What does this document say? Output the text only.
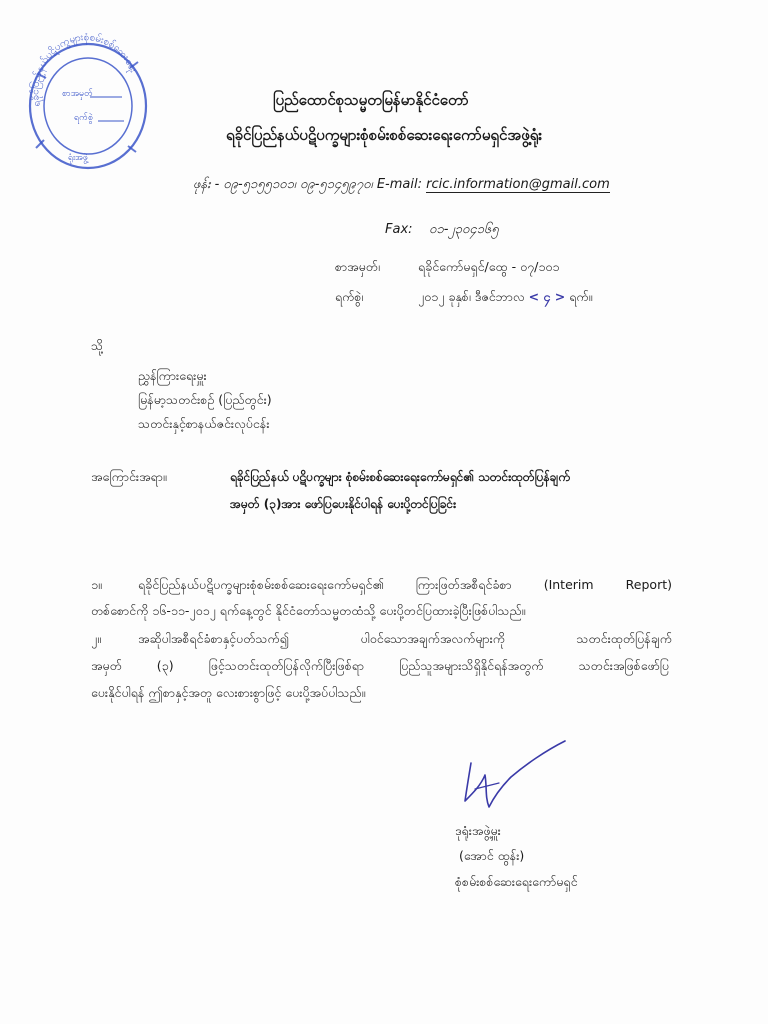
ရခိုင်ပြည်နယ်ပဋိပက္ခများစုံစမ်းစစ်ဆေးရေး
စာအမှတ်
ရက်စွဲ
ရုံးအဖွဲ့
ပြည်ထောင်စုသမ္မတမြန်မာနိုင်ငံတော်
ရခိုင်ပြည်နယ်ပဋိပက္ခများစုံစမ်းစစ်ဆေးရေးကော်မရှင်အဖွဲ့ရုံး
ဖုန်း - ၀၉-၅၁၅၅၁၀၁၊ ၀၉-၅၁၄၅၉၇၀၊ E-mail: rcic.information@gmail.com
Fax: ၀၁-၂၃၀၄၁၆၅
စာအမှတ်၊	ရခိုင်ကော်မရှင်/ထွေ - ၀၇/၁၀၁
ရက်စွဲ၊	၂၀၁၂ ခုနှစ်၊ ဒီဇင်ဘာလ < ၄ > ရက်။
သို့
ညွှန်ကြားရေးမှူး
မြန်မာ့သတင်းစဉ် (ပြည်တွင်း)
သတင်းနှင့်စာနယ်ဇင်းလုပ်ငန်း
အကြောင်းအရာ။	ရခိုင်ပြည်နယ် ပဋိပက္ခများ စုံစမ်းစစ်ဆေးရေးကော်မရှင်၏ သတင်းထုတ်ပြန်ချက်
အမှတ် (၃)အား ဖော်ပြပေးနိုင်ပါရန် ပေးပို့တင်ပြခြင်း
၁။	ရခိုင်ပြည်နယ်ပဋိပက္ခများစုံစမ်းစစ်ဆေးရေးကော်မရှင်၏ ကြားဖြတ်အစီရင်ခံစာ (Interim Report)
တစ်စောင်ကို ၁၆-၁၁-၂၀၁၂ ရက်နေ့တွင် နိုင်ငံတော်သမ္မတထံသို့ ပေးပို့တင်ပြထားခဲ့ပြီးဖြစ်ပါသည်။
၂။	အဆိုပါအစီရင်ခံစာနှင့်ပတ်သက်၍ ပါဝင်သောအချက်အလက်များကို သတင်းထုတ်ပြန်ချက်
အမှတ် (၃) ဖြင့်သတင်းထုတ်ပြန်လိုက်ပြီးဖြစ်ရာ ပြည်သူအများသိရှိနိုင်ရန်အတွက် သတင်းအဖြစ်ဖော်ပြ
ပေးနိုင်ပါရန် ဤစာနှင့်အတူ လေးစားစွာဖြင့် ပေးပို့အပ်ပါသည်။
ဒုရုံးအဖွဲ့မှူး
(အောင် ထွန်း)
စုံစမ်းစစ်ဆေးရေးကော်မရှင်
